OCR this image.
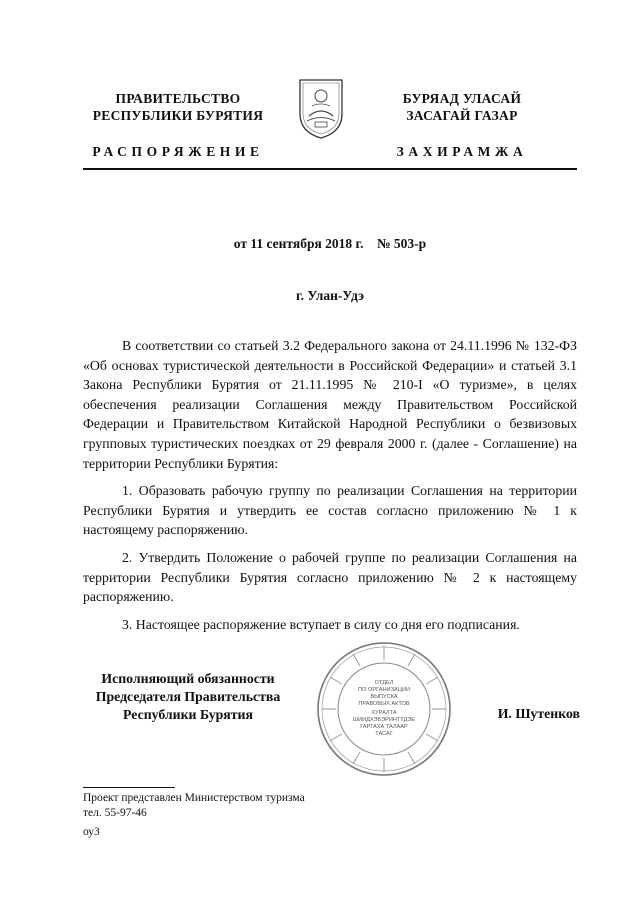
ПРАВИТЕЛЬСТВО
РЕСПУБЛИКИ БУРЯТИЯ
БУРЯАД УЛАСАЙ
ЗАСАГАЙ ГАЗАР
РАСПОРЯЖЕНИЕ	ЗАХИРАМЖА
от 11 сентября 2018 г.    № 503-р
г. Улан-Удэ

В соответствии со статьей 3.2 Федерального закона от 24.11.1996 № 132-ФЗ «Об основах туристической деятельности в Российской Федерации» и статьей 3.1 Закона Республики Бурятия от 21.11.1995 № 210-I «О туризме», в целях обеспечения реализации Соглашения между Правительством Российской Федерации и Правительством Китайской Народной Республики о безвизовых групповых туристических поездках от 29 февраля 2000 г. (далее - Соглашение) на территории Республики Бурятия:

1. Образовать рабочую группу по реализации Соглашения на территории Республики Бурятия и утвердить ее состав согласно приложению № 1 к настоящему распоряжению.

2. Утвердить Положение о рабочей группе по реализации Соглашения на территории Республики Бурятия согласно приложению № 2 к настоящему распоряжению.

3. Настоящее распоряжение вступает в силу со дня его подписания.

Исполняющий обязанности
Председателя Правительства
Республики Бурятия
ОТДЕЛ
ПО ОРГАНИЗАЦИИ
ВЫПУСКА
ПРАВОВЫХ АКТОВ
ХУРАЛТА
ШИИДХЭБЭРИНТҮДЭЕ
ГАРГАХА ТАЛААР
ТАСАГ
И. Шутенков
Проект представлен Министерством туризма
тел. 55-97-46
оу3
